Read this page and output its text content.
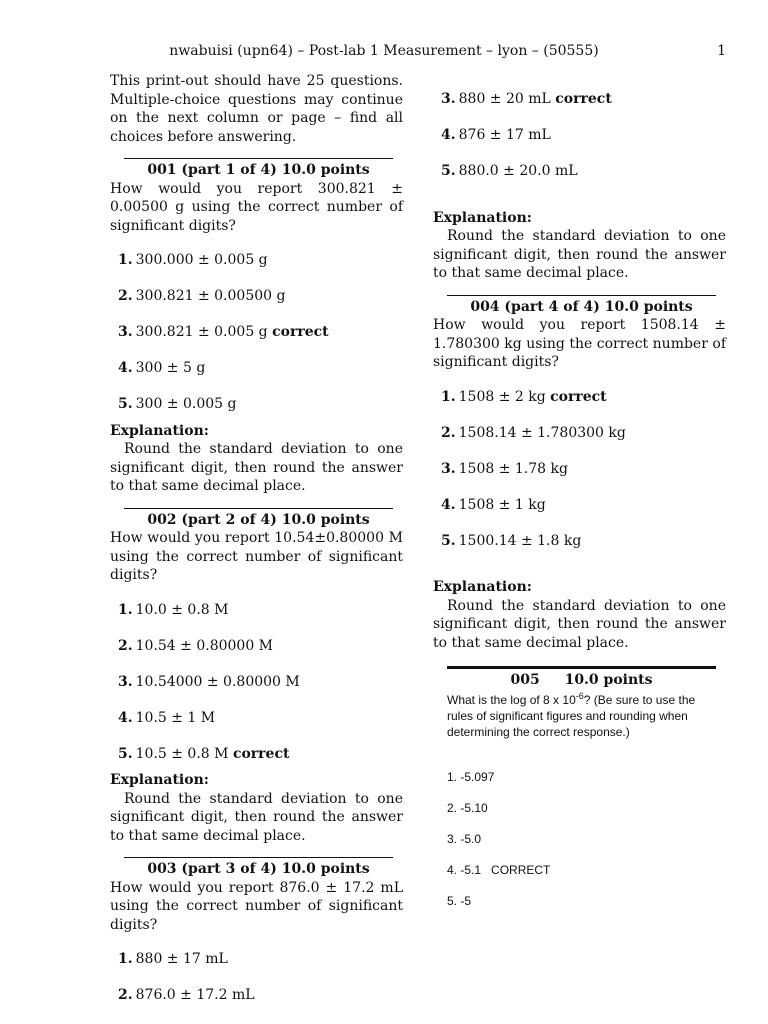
nwabuisi (upn64) – Post-lab 1 Measurement – lyon – (50555)	1

This print-out should have 25 questions. Multiple-choice questions may continue on the next column or page – find all choices before answering.

001 (part 1 of 4) 10.0 points

How would you report 300.821 ± 0.00500 g using the correct number of significant digits?

1. 300.000 ± 0.005 g
2. 300.821 ± 0.00500 g
3. 300.821 ± 0.005 g correct
4. 300 ± 5 g
5. 300 ± 0.005 g

Explanation:

Round the standard deviation to one significant digit, then round the answer to that same decimal place.

002 (part 2 of 4) 10.0 points

How would you report 10.54±0.80000 M using the correct number of significant digits?

1. 10.0 ± 0.8 M
2. 10.54 ± 0.80000 M
3. 10.54000 ± 0.80000 M
4. 10.5 ± 1 M
5. 10.5 ± 0.8 M correct

Explanation:

Round the standard deviation to one significant digit, then round the answer to that same decimal place.

003 (part 3 of 4) 10.0 points

How would you report 876.0 ± 17.2 mL using the correct number of significant digits?

1. 880 ± 17 mL
2. 876.0 ± 17.2 mL
3. 880 ± 20 mL correct
4. 876 ± 17 mL
5. 880.0 ± 20.0 mL

Explanation:

Round the standard deviation to one significant digit, then round the answer to that same decimal place.

004 (part 4 of 4) 10.0 points

How would you report 1508.14 ± 1.780300 kg using the correct number of significant digits?

1. 1508 ± 2 kg correct
2. 1508.14 ± 1.780300 kg
3. 1508 ± 1.78 kg
4. 1508 ± 1 kg
5. 1500.14 ± 1.8 kg

Explanation:

Round the standard deviation to one significant digit, then round the answer to that same decimal place.

005 10.0 points
What is the log of 8 x $10^{-6}$? (Be sure to use the rules of significant figures and rounding when determining the correct response.)
1. -5.097
2. -5.10
3. -5.0
4. -5.1   CORRECT
5. -5
